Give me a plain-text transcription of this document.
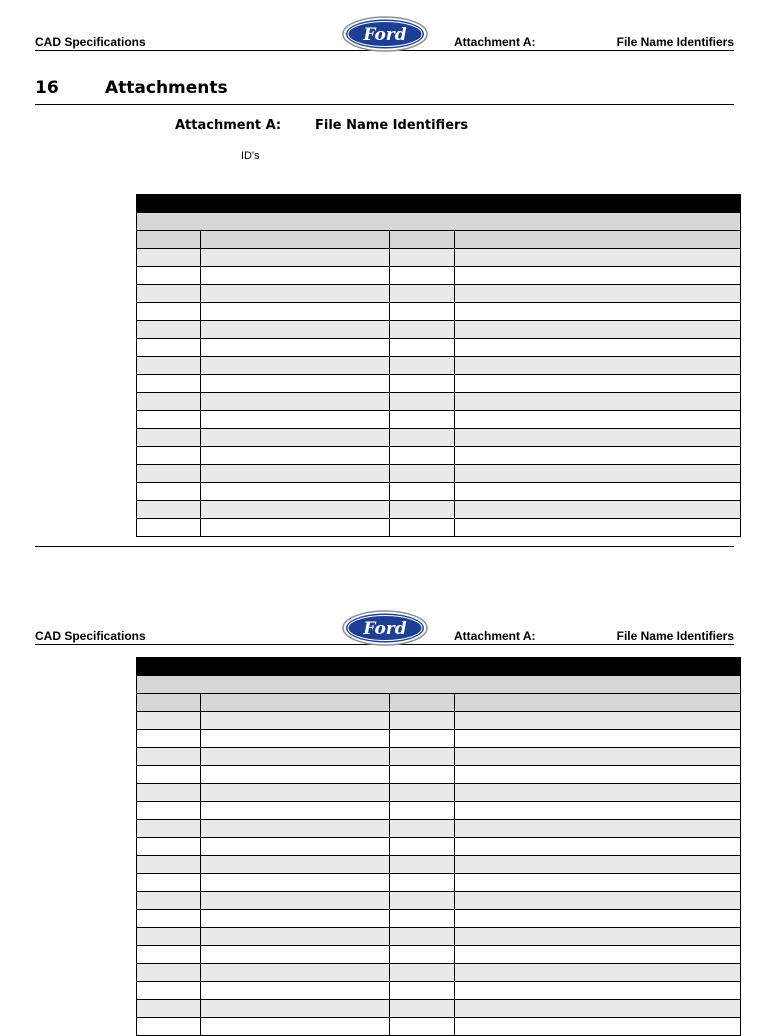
CAD Specifications	Ford	Attachment A:	File Name Identifiers
16	Attachments
Attachment A:	File Name Identifiers
ID's

CAD Specifications	Ford	Attachment A:	File Name Identifiers
